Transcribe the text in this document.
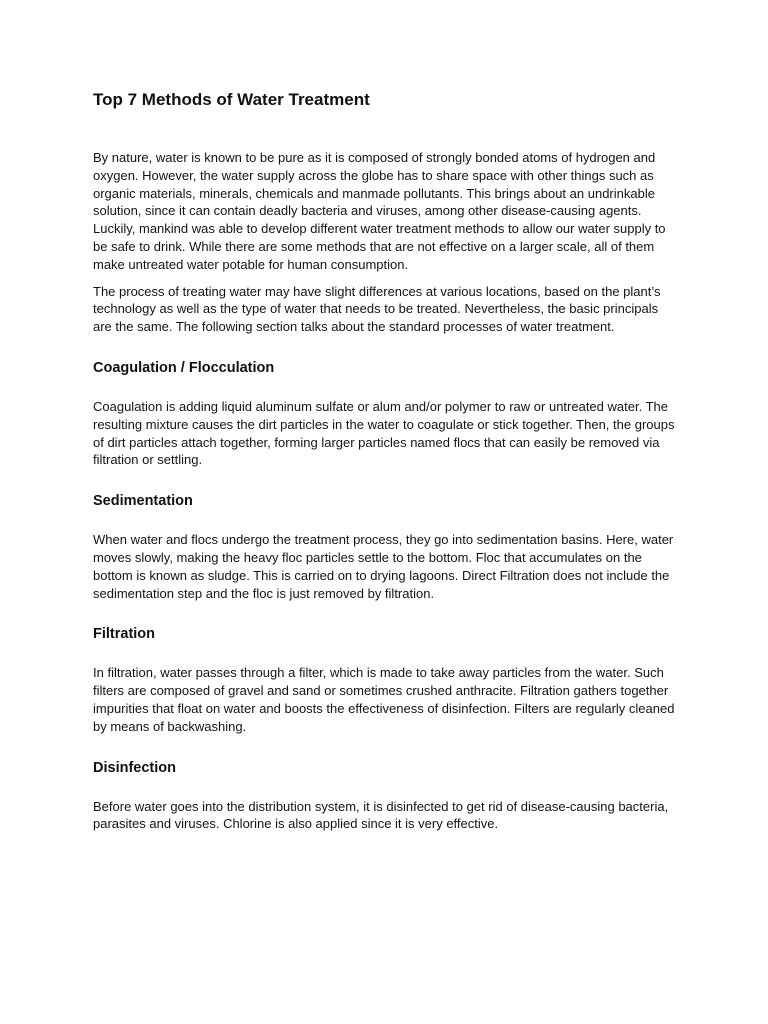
Top 7 Methods of Water Treatment

By nature, water is known to be pure as it is composed of strongly bonded atoms of hydrogen and oxygen. However, the water supply across the globe has to share space with other things such as organic materials, minerals, chemicals and manmade pollutants. This brings about an undrinkable solution, since it can contain deadly bacteria and viruses, among other disease-causing agents. Luckily, mankind was able to develop different water treatment methods to allow our water supply to be safe to drink. While there are some methods that are not effective on a larger scale, all of them make untreated water potable for human consumption.

The process of treating water may have slight differences at various locations, based on the plant’s technology as well as the type of water that needs to be treated. Nevertheless, the basic principals are the same. The following section talks about the standard processes of water treatment.

Coagulation / Flocculation

Coagulation is adding liquid aluminum sulfate or alum and/or polymer to raw or untreated water. The resulting mixture causes the dirt particles in the water to coagulate or stick together. Then, the groups of dirt particles attach together, forming larger particles named flocs that can easily be removed via filtration or settling.

Sedimentation

When water and flocs undergo the treatment process, they go into sedimentation basins. Here, water moves slowly, making the heavy floc particles settle to the bottom. Floc that accumulates on the bottom is known as sludge. This is carried on to drying lagoons. Direct Filtration does not include the sedimentation step and the floc is just removed by filtration.

Filtration

In filtration, water passes through a filter, which is made to take away particles from the water. Such filters are composed of gravel and sand or sometimes crushed anthracite. Filtration gathers together impurities that float on water and boosts the effectiveness of disinfection. Filters are regularly cleaned by means of backwashing.

Disinfection

Before water goes into the distribution system, it is disinfected to get rid of disease-causing bacteria, parasites and viruses. Chlorine is also applied since it is very effective.
